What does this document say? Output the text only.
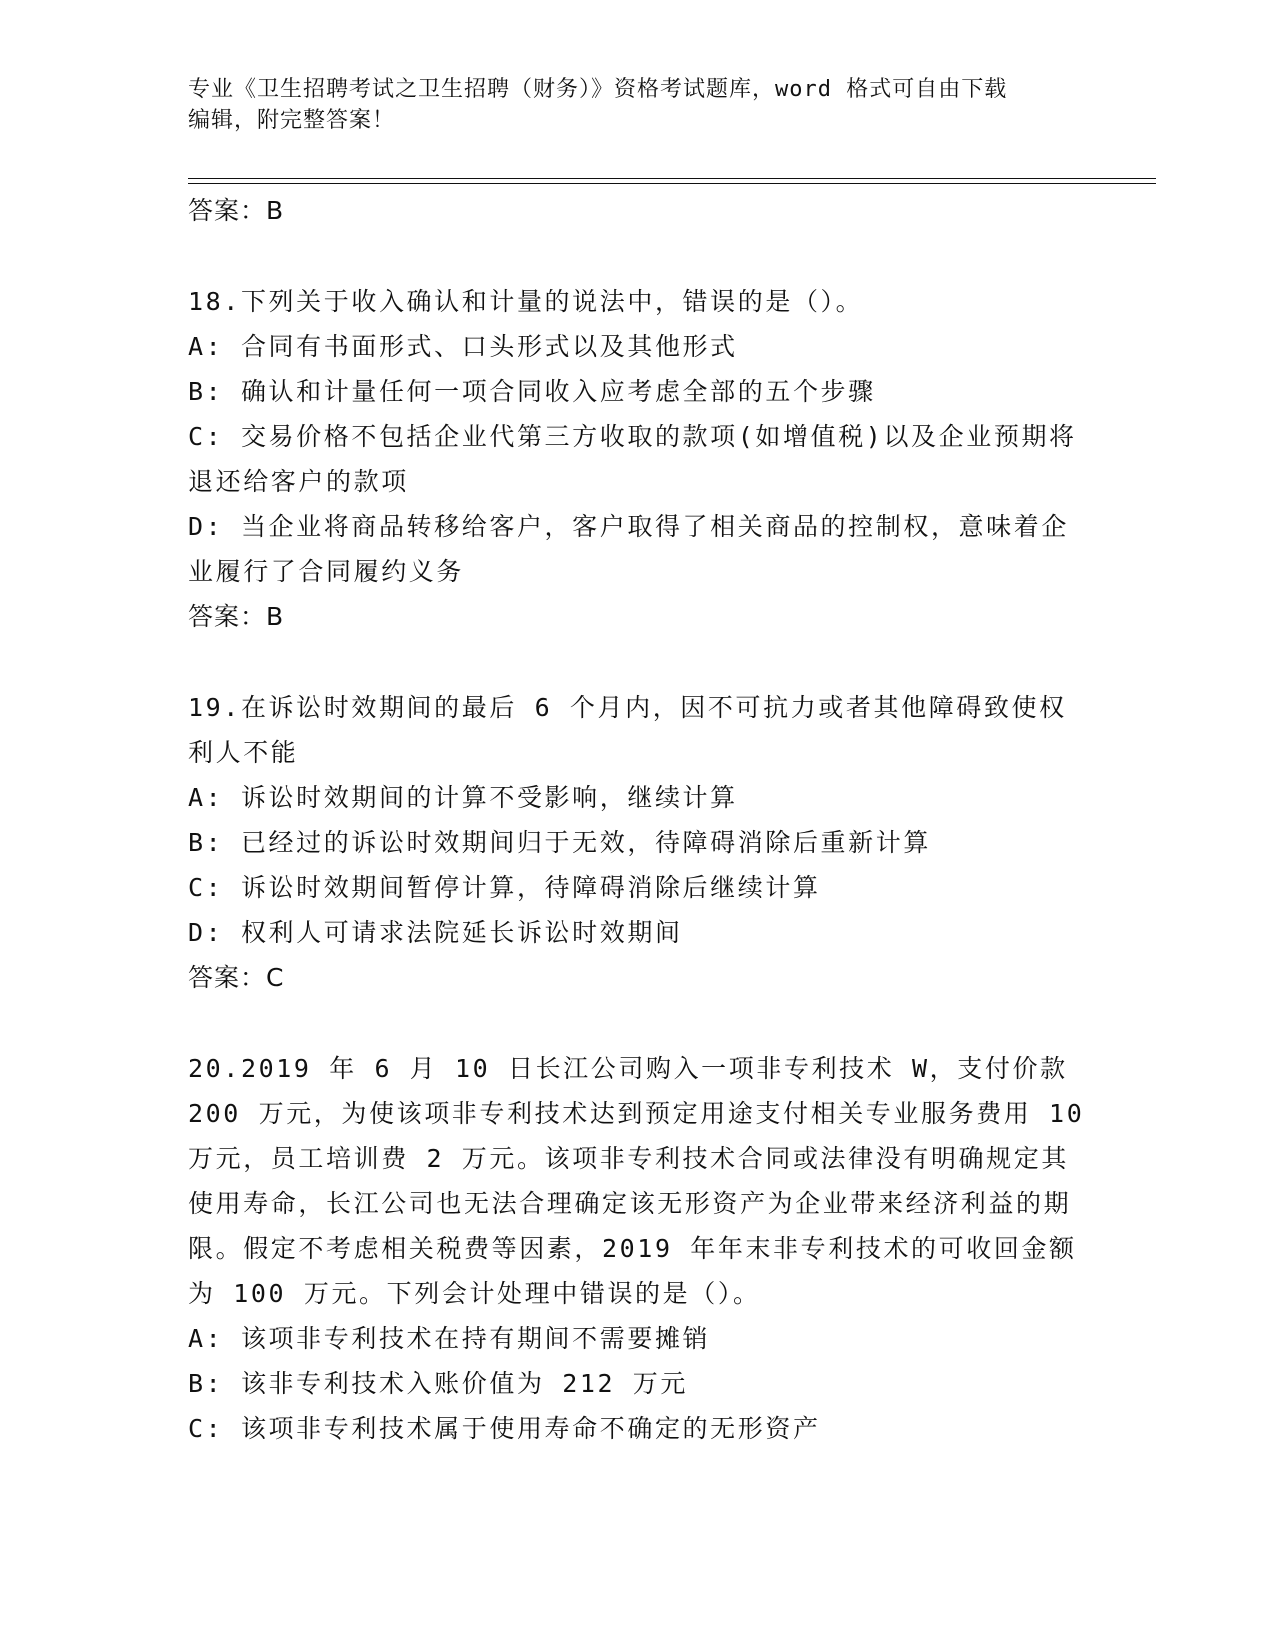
专业《卫生招聘考试之卫生招聘（财务）》资格考试题库，word 格式可自由下载
编辑，附完整答案！
答案：B
18.下列关于收入确认和计量的说法中，错误的是（）。
A: 合同有书面形式、口头形式以及其他形式
B: 确认和计量任何一项合同收入应考虑全部的五个步骤
C: 交易价格不包括企业代第三方收取的款项(如增值税)以及企业预期将退还给客户的款项
D: 当企业将商品转移给客户，客户取得了相关商品的控制权，意味着企业履行了合同履约义务
答案：B
19.在诉讼时效期间的最后 6 个月内，因不可抗力或者其他障碍致使权利人不能
A: 诉讼时效期间的计算不受影响，继续计算
B: 已经过的诉讼时效期间归于无效，待障碍消除后重新计算
C: 诉讼时效期间暂停计算，待障碍消除后继续计算
D: 权利人可请求法院延长诉讼时效期间
答案：C
20.2019 年 6 月 10 日长江公司购入一项非专利技术 W，支付价款 200 万元，为使该项非专利技术达到预定用途支付相关专业服务费用 10 万元，员工培训费 2 万元。该项非专利技术合同或法律没有明确规定其使用寿命，长江公司也无法合理确定该无形资产为企业带来经济利益的期限。假定不考虑相关税费等因素，2019 年年末非专利技术的可收回金额为 100 万元。下列会计处理中错误的是（）。
A: 该项非专利技术在持有期间不需要摊销
B: 该非专利技术入账价值为 212 万元
C: 该项非专利技术属于使用寿命不确定的无形资产
